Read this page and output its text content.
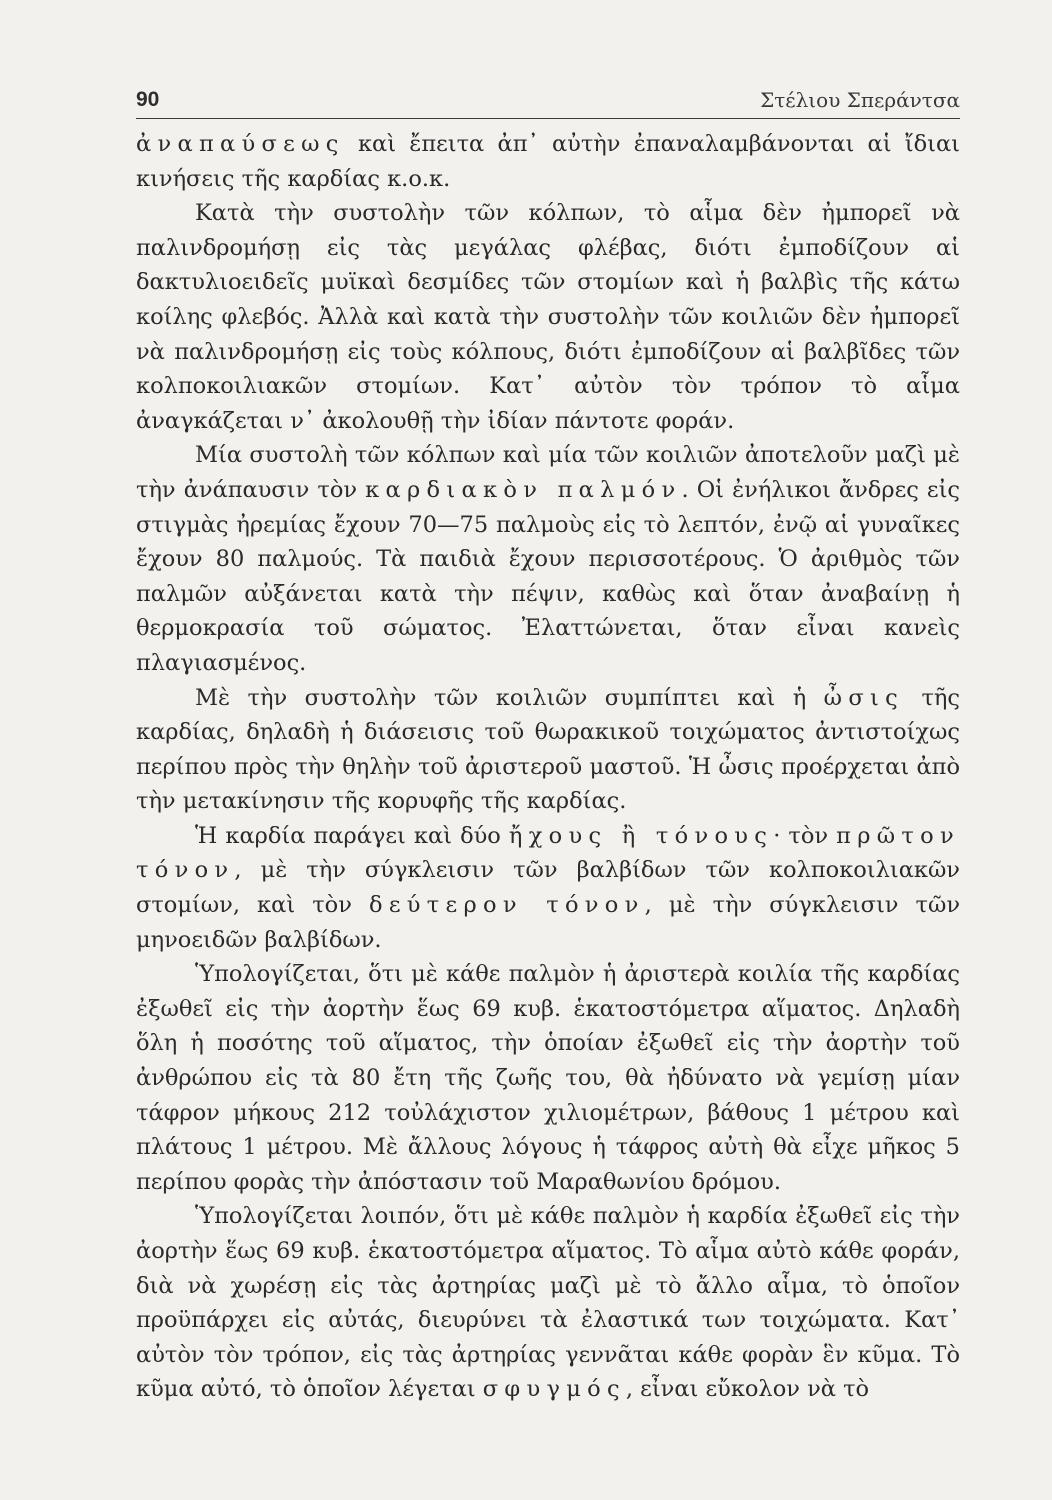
90	Στέλιου Σπεράντσα

ἀναπαύσεως καὶ ἔπειτα ἀπ᾽ αὐτὴν ἐπαναλαμβάνονται αἱ ἴδιαι κινήσεις τῆς καρδίας κ.ο.κ.

Κατὰ τὴν συστολὴν τῶν κόλπων, τὸ αἷμα δὲν ἠμπορεῖ νὰ παλινδρομήσῃ εἰς τὰς μεγάλας φλέβας, διότι ἐμποδίζουν αἱ δακτυλιοειδεῖς μυϊκαὶ δεσμίδες τῶν στομίων καὶ ἡ βαλβὶς τῆς κάτω κοίλης φλεβός. Ἀλλὰ καὶ κατὰ τὴν συστολὴν τῶν κοιλιῶν δὲν ἠμπορεῖ νὰ παλινδρομήσῃ εἰς τοὺς κόλπους, διότι ἐμποδίζουν αἱ βαλβῖδες τῶν κολποκοιλιακῶν στομίων. Κατ᾽ αὐτὸν τὸν τρόπον τὸ αἷμα ἀναγκάζεται ν᾽ ἀκολουθῇ τὴν ἰδίαν πάντοτε φοράν.

Μία συστολὴ τῶν κόλπων καὶ μία τῶν κοιλιῶν ἀποτελοῦν μαζὶ μὲ τὴν ἀνάπαυσιν τὸν καρδιακὸν παλμόν. Οἱ ἐνήλικοι ἄνδρες εἰς στιγμὰς ἠρεμίας ἔχουν 70—75 παλμοὺς εἰς τὸ λεπτόν, ἐνῷ αἱ γυναῖκες ἔχουν 80 παλμούς. Τὰ παιδιὰ ἔχουν περισσοτέρους. Ὁ ἀριθμὸς τῶν παλμῶν αὐξάνεται κατὰ τὴν πέψιν, καθὼς καὶ ὅταν ἀναβαίνῃ ἡ θερμοκρασία τοῦ σώματος. Ἐλαττώνεται, ὅταν εἶναι κανεὶς πλαγιασμένος.

Μὲ τὴν συστολὴν τῶν κοιλιῶν συμπίπτει καὶ ἡ ὦσις τῆς καρδίας, δηλαδὴ ἡ διάσεισις τοῦ θωρακικοῦ τοιχώματος ἀντιστοίχως περίπου πρὸς τὴν θηλὴν τοῦ ἀριστεροῦ μαστοῦ. Ἡ ὦσις προέρχεται ἀπὸ τὴν μετακίνησιν τῆς κορυφῆς τῆς καρδίας.

Ἡ καρδία παράγει καὶ δύο ἤχους ἢ τόνους· τὸν πρῶτον τόνον, μὲ τὴν σύγκλεισιν τῶν βαλβίδων τῶν κολποκοιλιακῶν στομίων, καὶ τὸν δεύτερον τόνον, μὲ τὴν σύγκλεισιν τῶν μηνοειδῶν βαλβίδων.

Ὑπολογίζεται, ὅτι μὲ κάθε παλμὸν ἡ ἀριστερὰ κοιλία τῆς καρδίας ἐξωθεῖ εἰς τὴν ἀορτὴν ἕως 69 κυβ. ἑκατοστόμετρα αἵματος. Δηλαδὴ ὅλη ἡ ποσότης τοῦ αἵματος, τὴν ὁποίαν ἐξωθεῖ εἰς τὴν ἀορτὴν τοῦ ἀνθρώπου εἰς τὰ 80 ἔτη τῆς ζωῆς του, θὰ ἠδύνατο νὰ γεμίσῃ μίαν τάφρον μήκους 212 τοὐλάχιστον χιλιομέτρων, βάθους 1 μέτρου καὶ πλάτους 1 μέτρου. Μὲ ἄλλους λόγους ἡ τάφρος αὐτὴ θὰ εἶχε μῆκος 5 περίπου φορὰς τὴν ἀπόστασιν τοῦ Μαραθωνίου δρόμου.

Ὑπολογίζεται λοιπόν, ὅτι μὲ κάθε παλμὸν ἡ καρδία ἐξωθεῖ εἰς τὴν ἀορτὴν ἕως 69 κυβ. ἑκατοστόμετρα αἵματος. Τὸ αἷμα αὐτὸ κάθε φοράν, διὰ νὰ χωρέσῃ εἰς τὰς ἀρτηρίας μαζὶ μὲ τὸ ἄλλο αἷμα, τὸ ὁποῖον προϋπάρχει εἰς αὐτάς, διευρύνει τὰ ἐλαστικά των τοιχώματα. Κατ᾽ αὐτὸν τὸν τρόπον, εἰς τὰς ἀρτηρίας γεννᾶται κάθε φορὰν ἓν κῦμα. Τὸ κῦμα αὐτό, τὸ ὁποῖον λέγεται σφυγμός, εἶναι εὔκολον νὰ τὸ
